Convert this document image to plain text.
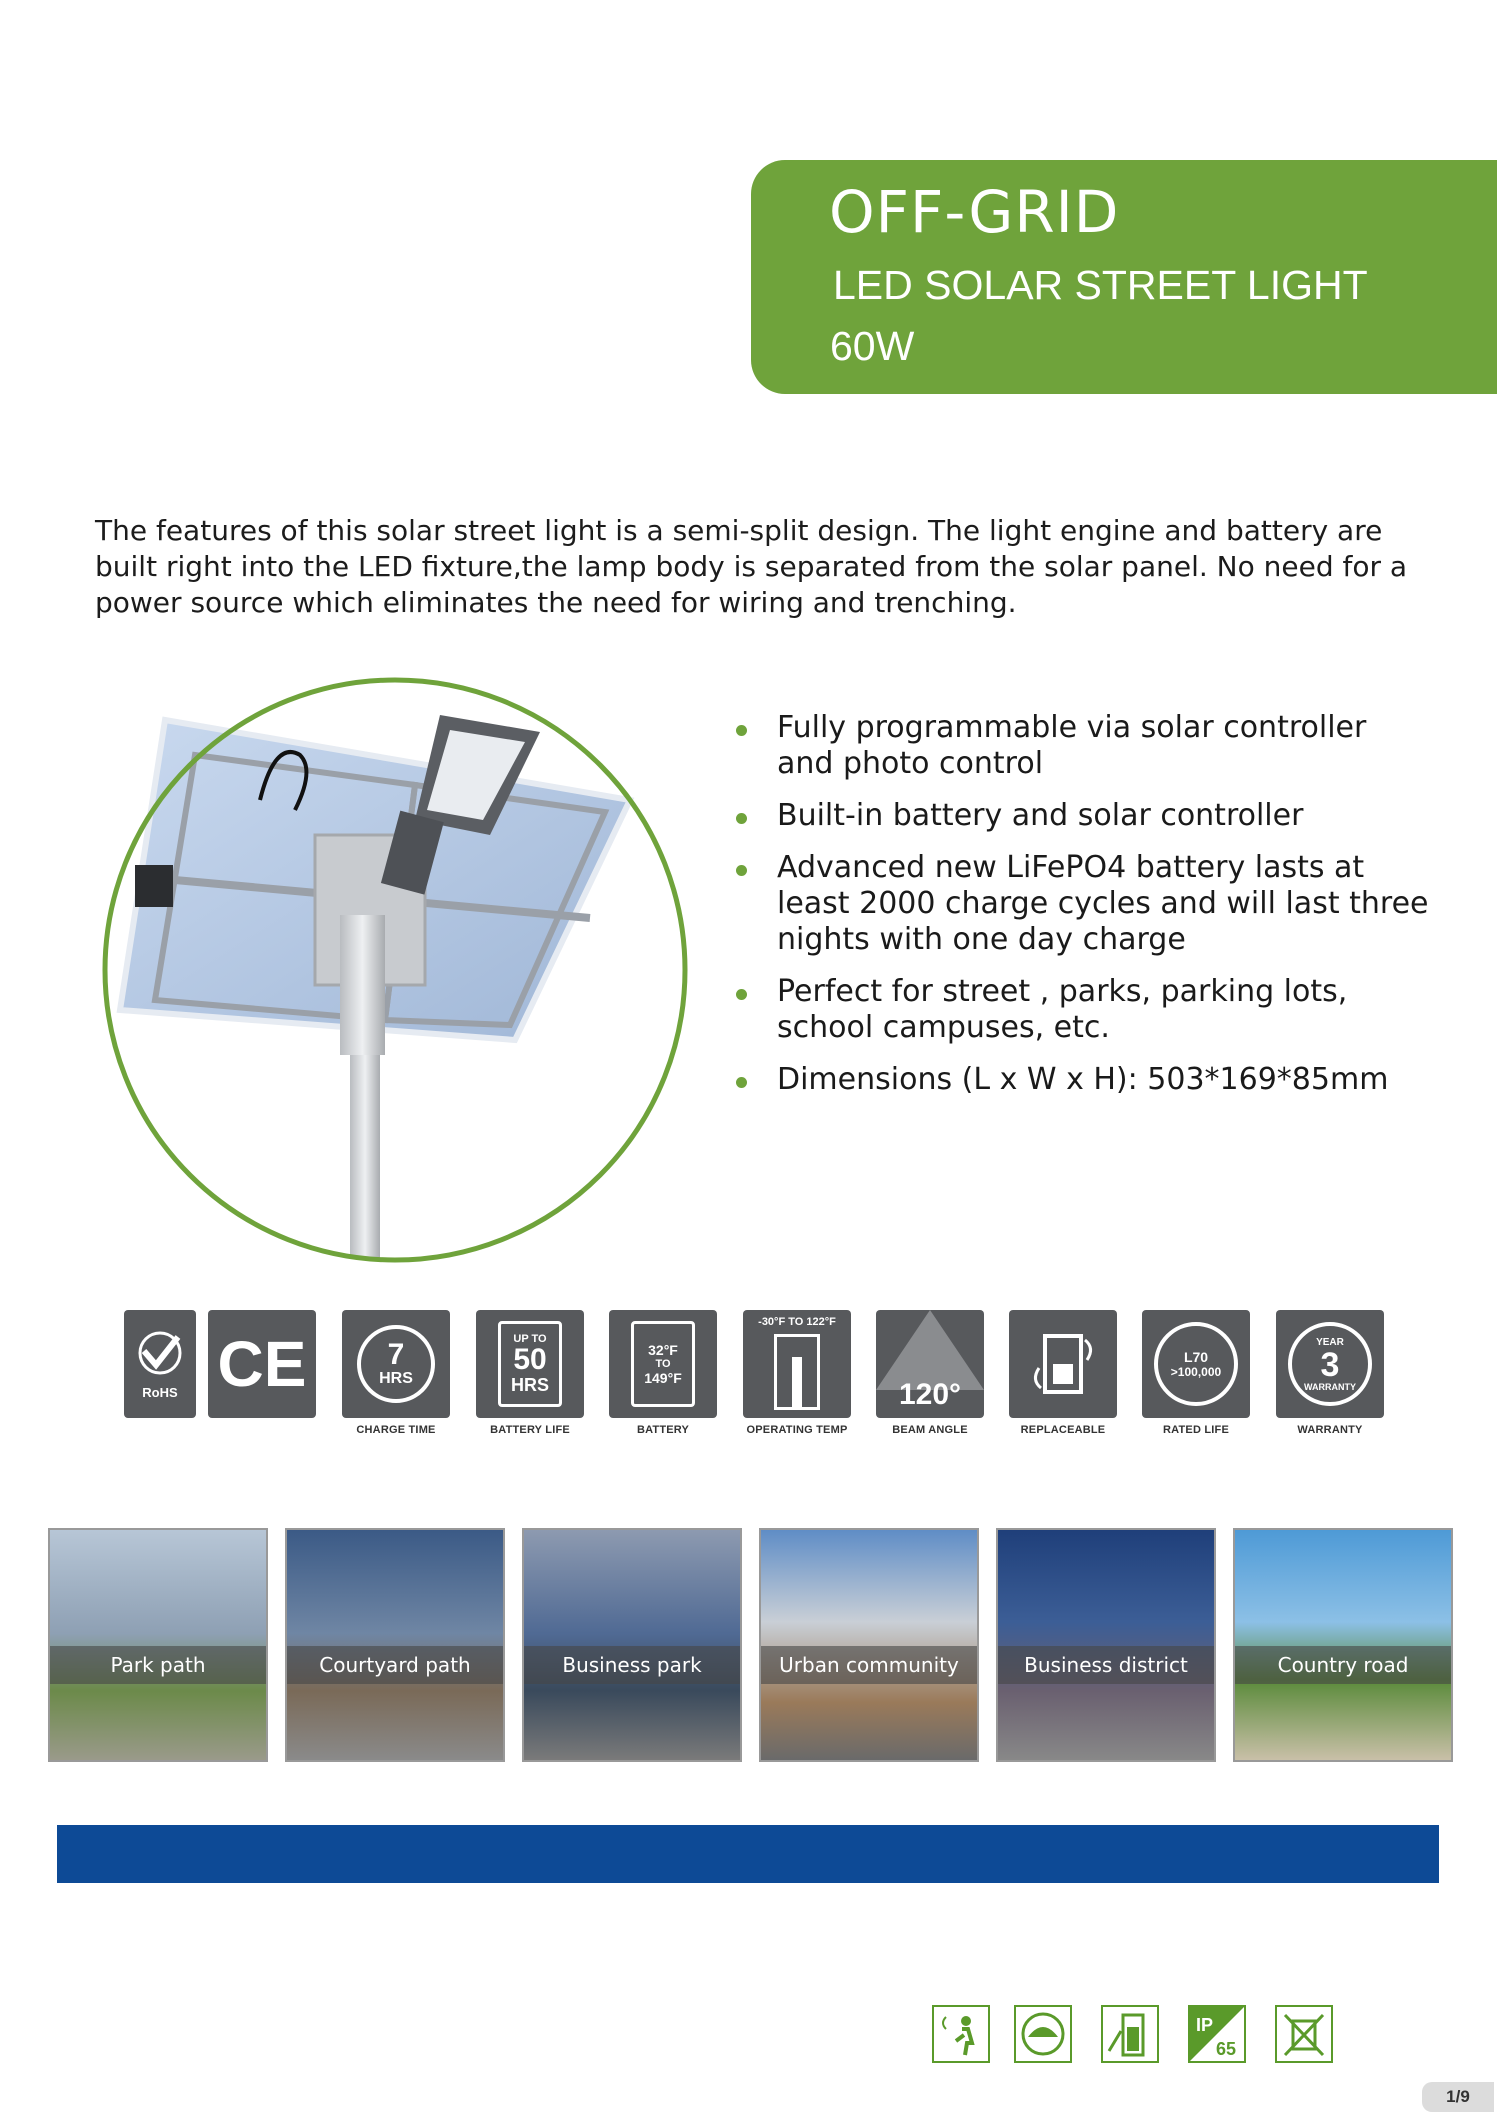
OFF-GRID
LED SOLAR STREET LIGHT
60W
The features of this solar street light is a semi-split design. The light engine and battery are built right into the LED fixture,the lamp body is separated from the solar panel. No need for a power source which eliminates the need for wiring and trenching.
Fully programmable via solar controller and photo control
Built-in battery and solar controller
Advanced new LiFePO4 battery lasts at least 2000 charge cycles and will last three nights with one day charge
Perfect for street , parks, parking lots, school campuses, etc.
Dimensions (L x W x H): 503*169*85mm
RoHS CE	7
HRS
CHARGE TIME
UP TO
50
HRS
BATTERY LIFE
32°F
TO
149°F
BATTERY
-30°F TO 122°F
OPERATING TEMP
120°
BEAM ANGLE	REPLACEABLE
L70
>100,000
RATED LIFE
YEAR
3
WARRANTY
WARRANTY
Park path	Courtyard path	Business park	Urban community	Business district	Country road
IP
65
1/9
